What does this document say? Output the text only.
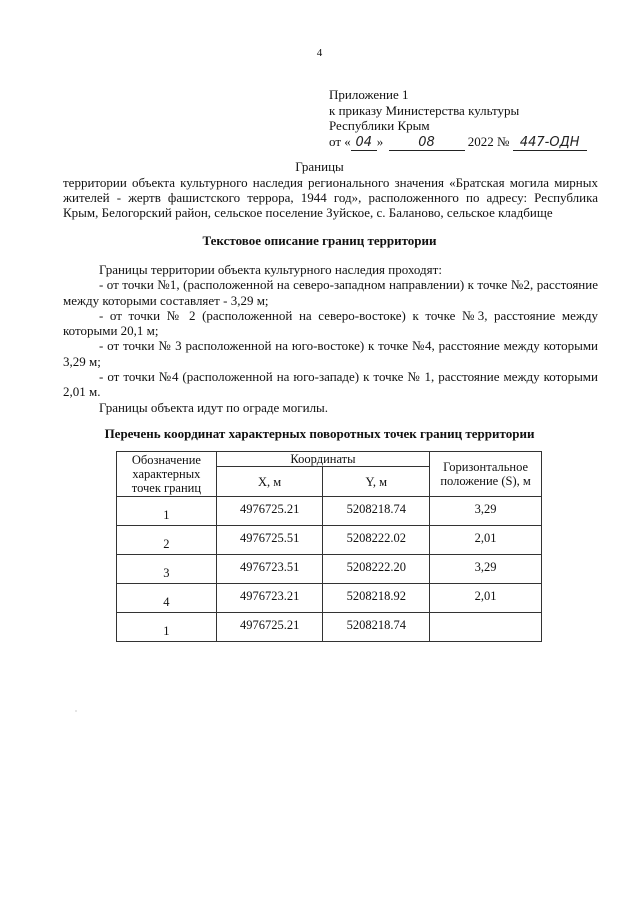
4
Приложение 1
к приказу Министерства культуры
Республики Крым
от « 04 »	08	2022 № 447-ОДН
Границы
территории объекта культурного наследия регионального значения «Братская могила мирных жителей - жертв фашистского террора, 1944 год», расположенного по адресу: Республика Крым, Белогорский район, сельское поселение Зуйское, с. Баланово, сельское кладбище
Текстовое описание границ территории

Границы территории объекта культурного наследия проходят:

- от точки №1, (расположенной на северо-западном направлении) к точке №2, расстояние между которыми составляет - 3,29 м;

- от точки № 2 (расположенной на северо-востоке) к точке №3, расстояние между которыми 20,1 м;

- от точки № 3 расположенной на юго-востоке) к точке №4, расстояние между которыми 3,29 м;

- от точки №4 (расположенной на юго-западе) к точке № 1, расстояние между которыми 2,01 м.

Границы объекта идут по ограде могилы.

Перечень координат характерных поворотных точек границ территории
Обозначение характерных точек границ	Координаты		Горизонтальное положение (S), м
	X, м	Y, м	
1	4976725.21	5208218.74	3,29
2	4976725.51	5208222.02	2,01
3	4976723.51	5208222.20	3,29
4	4976723.21	5208218.92	2,01
1	4976725.21	5208218.74	
